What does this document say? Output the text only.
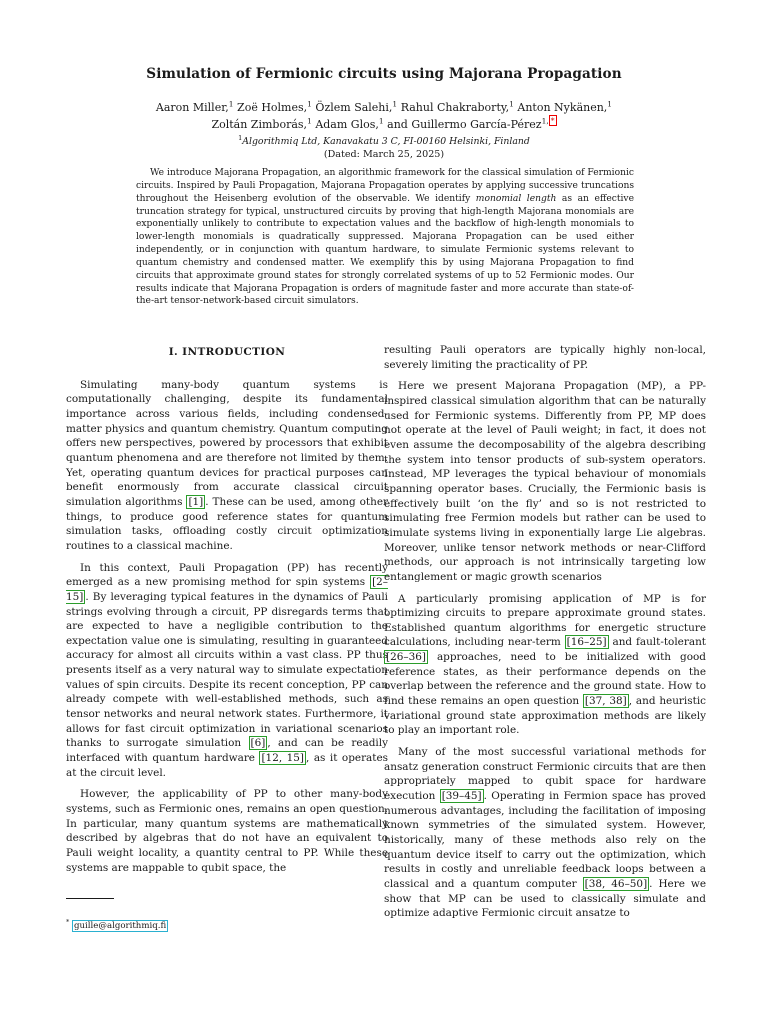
Simulation of Fermionic circuits using Majorana Propagation
Aaron Miller,$^1$ Zoë Holmes,$^1$ Özlem Salehi,$^1$ Rahul Chakraborty,$^1$ Anton Nykänen,$^1$ Zoltán Zimborás,$^1$ Adam Glos,$^1$ and Guillermo García-Pérez$^{1,}$ *
$^1$Algorithmiq Ltd, Kanavakatu 3 C, FI-00160 Helsinki, Finland
(Dated: March 25, 2025)

We introduce Majorana Propagation, an algorithmic framework for the classical simulation of Fermionic circuits. Inspired by Pauli Propagation, Majorana Propagation operates by applying successive truncations throughout the Heisenberg evolution of the observable. We identify monomial length as an effective truncation strategy for typical, unstructured circuits by proving that high-length Majorana monomials are exponentially unlikely to contribute to expectation values and the backflow of high-length monomials to lower-length monomials is quadratically suppressed. Majorana Propagation can be used either independently, or in conjunction with quantum hardware, to simulate Fermionic systems relevant to quantum chemistry and condensed matter. We exemplify this by using Majorana Propagation to find circuits that approximate ground states for strongly correlated systems of up to 52 Fermionic modes. Our results indicate that Majorana Propagation is orders of magnitude faster and more accurate than state-of-the-art tensor-network-based circuit simulators.

I. INTRODUCTION

Simulating many-body quantum systems is computationally challenging, despite its fundamental importance across various fields, including condensed-matter physics and quantum chemistry. Quantum computing offers new perspectives, powered by processors that exhibit quantum phenomena and are therefore not limited by them. Yet, operating quantum devices for practical purposes can benefit enormously from accurate classical circuit simulation algorithms [1] . These can be used, among other things, to produce good reference states for quantum simulation tasks, offloading costly circuit optimization routines to a classical machine.

In this context, Pauli Propagation (PP) has recently emerged as a new promising method for spin systems [2–15] . By leveraging typical features in the dynamics of Pauli strings evolving through a circuit, PP disregards terms that are expected to have a negligible contribution to the expectation value one is simulating, resulting in guaranteed accuracy for almost all circuits within a vast class. PP thus presents itself as a very natural way to simulate expectation values of spin circuits. Despite its recent conception, PP can already compete with well-established methods, such as tensor networks and neural network states. Furthermore, it allows for fast circuit optimization in variational scenarios thanks to surrogate simulation [6] , and can be readily interfaced with quantum hardware [12, 15] , as it operates at the circuit level.

However, the applicability of PP to other many-body systems, such as Fermionic ones, remains an open question. In particular, many quantum systems are mathematically described by algebras that do not have an equivalent to Pauli weight locality, a quantity central to PP. While these systems are mappable to qubit space, the

resulting Pauli operators are typically highly non-local, severely limiting the practicality of PP.

Here we present Majorana Propagation (MP), a PP-inspired classical simulation algorithm that can be naturally used for Fermionic systems. Differently from PP, MP does not operate at the level of Pauli weight; in fact, it does not even assume the decomposability of the algebra describing the system into tensor products of sub-system operators. Instead, MP leverages the typical behaviour of monomials spanning operator bases. Crucially, the Fermionic basis is effectively built ‘on the fly’ and so is not restricted to simulating free Fermion models but rather can be used to simulate systems living in exponentially large Lie algebras. Moreover, unlike tensor network methods or near-Clifford methods, our approach is not intrinsically targeting low entanglement or magic growth scenarios

A particularly promising application of MP is for optimizing circuits to prepare approximate ground states. Established quantum algorithms for energetic structure calculations, including near-term [16–25] and fault-tolerant [26–36] approaches, need to be initialized with good reference states, as their performance depends on the overlap between the reference and the ground state. How to find these remains an open question [37, 38] , and heuristic variational ground state approximation methods are likely to play an important role.

Many of the most successful variational methods for ansatz generation construct Fermionic circuits that are then appropriately mapped to qubit space for hardware execution [39–45] . Operating in Fermion space has proved numerous advantages, including the facilitation of imposing known symmetries of the simulated system. However, historically, many of these methods also rely on the quantum device itself to carry out the optimization, which results in costly and unreliable feedback loops between a classical and a quantum computer [38, 46–50] . Here we show that MP can be used to classically simulate and optimize adaptive Fermionic circuit ansatze to

* guille@algorithmiq.fi
